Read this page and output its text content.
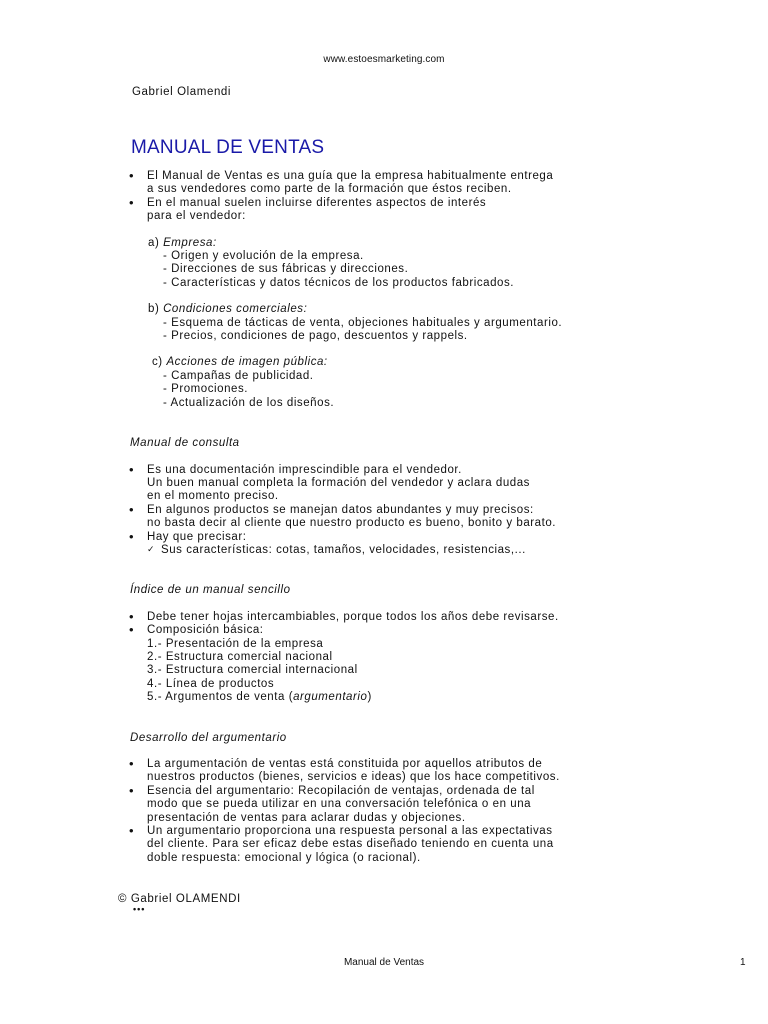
www.estoesmarketing.com
Gabriel Olamendi
MANUAL DE VENTAS
• El Manual de Ventas es una guía que la empresa habitualmente entrega
a sus vendedores como parte de la formación que éstos reciben.
• En el manual suelen incluirse diferentes aspectos de interés
para el vendedor:
a) Empresa:
- Origen y evolución de la empresa.
- Direcciones de sus fábricas y direcciones.
- Características y datos técnicos de los productos fabricados.
b) Condiciones comerciales:
- Esquema de tácticas de venta, objeciones habituales y argumentario.
- Precios, condiciones de pago, descuentos y rappels.
c) Acciones de imagen pública:
- Campañas de publicidad.
- Promociones.
- Actualización de los diseños.
Manual de consulta
• Es una documentación imprescindible para el vendedor.
Un buen manual completa la formación del vendedor y aclara dudas
en el momento preciso.
• En algunos productos se manejan datos abundantes y muy precisos:
no basta decir al cliente que nuestro producto es bueno, bonito y barato.
• Hay que precisar:
✓ Sus características: cotas, tamaños, velocidades, resistencias,...
Índice de un manual sencillo
• Debe tener hojas intercambiables, porque todos los años debe revisarse.
• Composición básica:
1.- Presentación de la empresa
2.- Estructura comercial nacional
3.- Estructura comercial internacional
4.- Línea de productos
5.- Argumentos de venta (argumentario)
Desarrollo del argumentario
• La argumentación de ventas está constituida por aquellos atributos de
nuestros productos (bienes, servicios e ideas) que los hace competitivos.
• Esencia del argumentario: Recopilación de ventajas, ordenada de tal
modo que se pueda utilizar en una conversación telefónica o en una
presentación de ventas para aclarar dudas y objeciones.
• Un argumentario proporciona una respuesta personal a las expectativas
del cliente. Para ser eficaz debe estas diseñado teniendo en cuenta una
doble respuesta: emocional y lógica (o racional).
© Gabriel OLAMENDI
•••
Manual de Ventas	1
